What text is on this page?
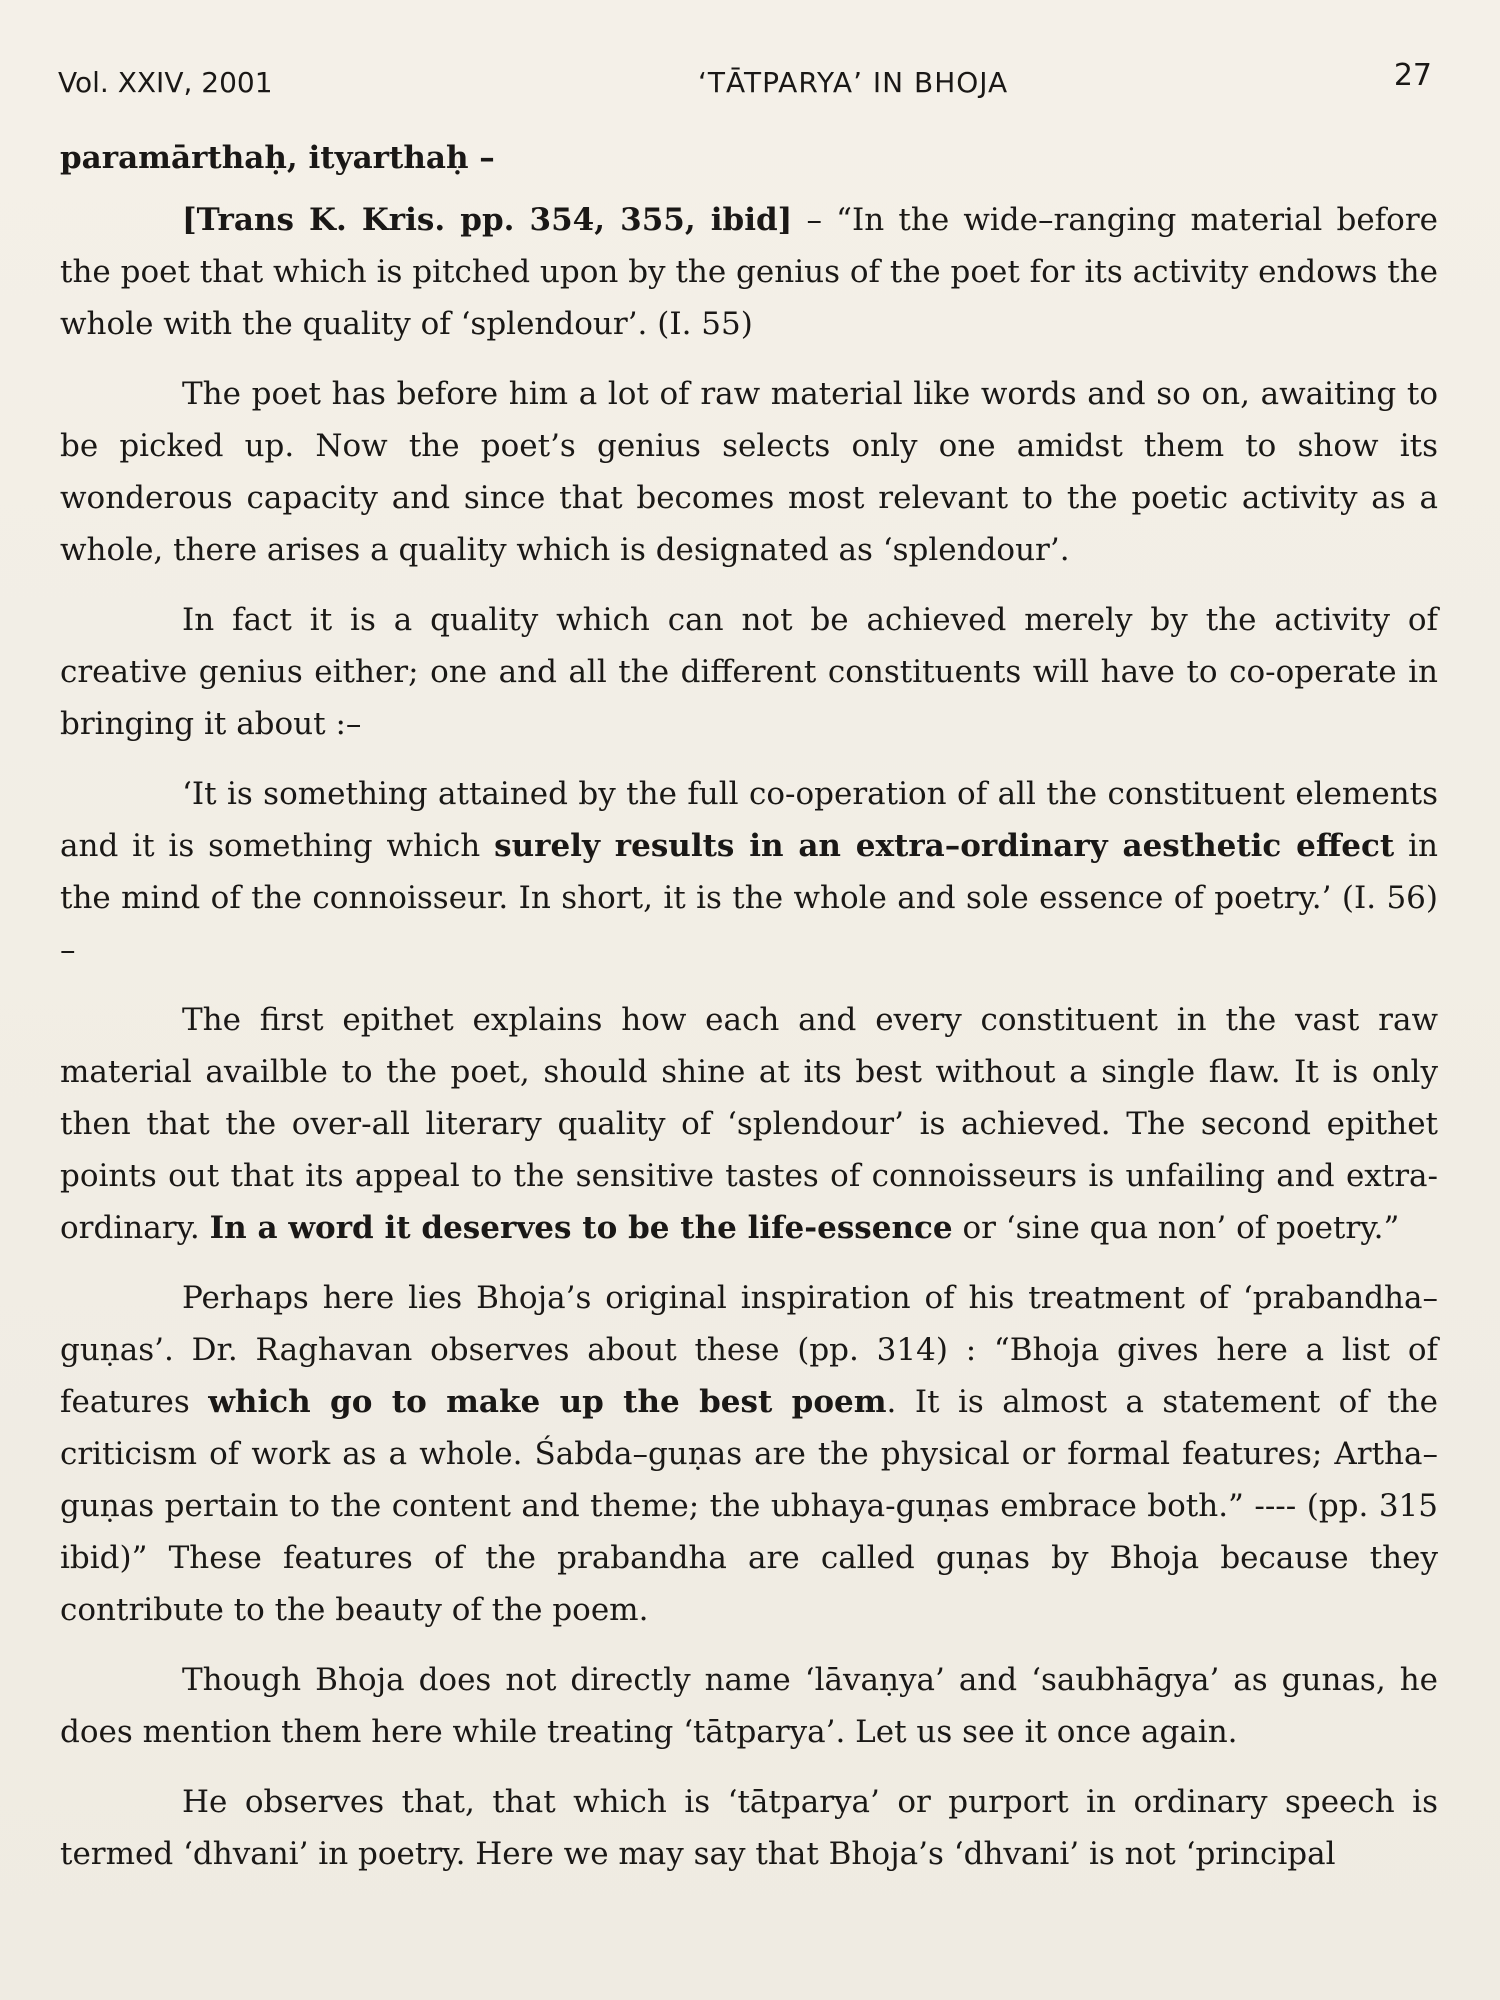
Vol. XXIV, 2001	‘TĀTPARYA’ IN BHOJA	27

paramārthaḥ, ityarthaḥ –

[Trans K. Kris. pp. 354, 355, ibid] – “In the wide–ranging material before the poet that which is pitched upon by the genius of the poet for its activity endows the whole with the quality of ‘splendour’. (I. 55)

The poet has before him a lot of raw material like words and so on, awaiting to be picked up. Now the poet’s genius selects only one amidst them to show its wonderous capacity and since that becomes most relevant to the poetic activity as a whole, there arises a quality which is designated as ‘splendour’.

In fact it is a quality which can not be achieved merely by the activity of creative genius either; one and all the different constituents will have to co-operate in bringing it about :–

‘It is something attained by the full co-operation of all the constituent elements and it is something which surely results in an extra–ordinary aesthetic effect in the mind of the connoisseur. In short, it is the whole and sole essence of poetry.’ (I. 56) –

The first epithet explains how each and every constituent in the vast raw material availble to the poet, should shine at its best without a single flaw. It is only then that the over-all literary quality of ‘splendour’ is achieved. The second epithet points out that its appeal to the sensitive tastes of connoisseurs is unfailing and extra-ordinary. In a word it deserves to be the life-essence or ‘sine qua non’ of poetry.”

Perhaps here lies Bhoja’s original inspiration of his treatment of ‘prabandha–guṇas’. Dr. Raghavan observes about these (pp. 314) : “Bhoja gives here a list of features which go to make up the best poem. It is almost a statement of the criticism of work as a whole. Śabda–guṇas are the physical or formal features; Artha–guṇas pertain to the content and theme; the ubhaya-guṇas embrace both.” ---- (pp. 315 ibid)” These features of the prabandha are called guṇas by Bhoja because they contribute to the beauty of the poem.

Though Bhoja does not directly name ‘lāvaṇya’ and ‘saubhāgya’ as gunas, he does mention them here while treating ‘tātparya’. Let us see it once again.

He observes that, that which is ‘tātparya’ or purport in ordinary speech is termed ‘dhvani’ in poetry. Here we may say that Bhoja’s ‘dhvani’ is not ‘principal
